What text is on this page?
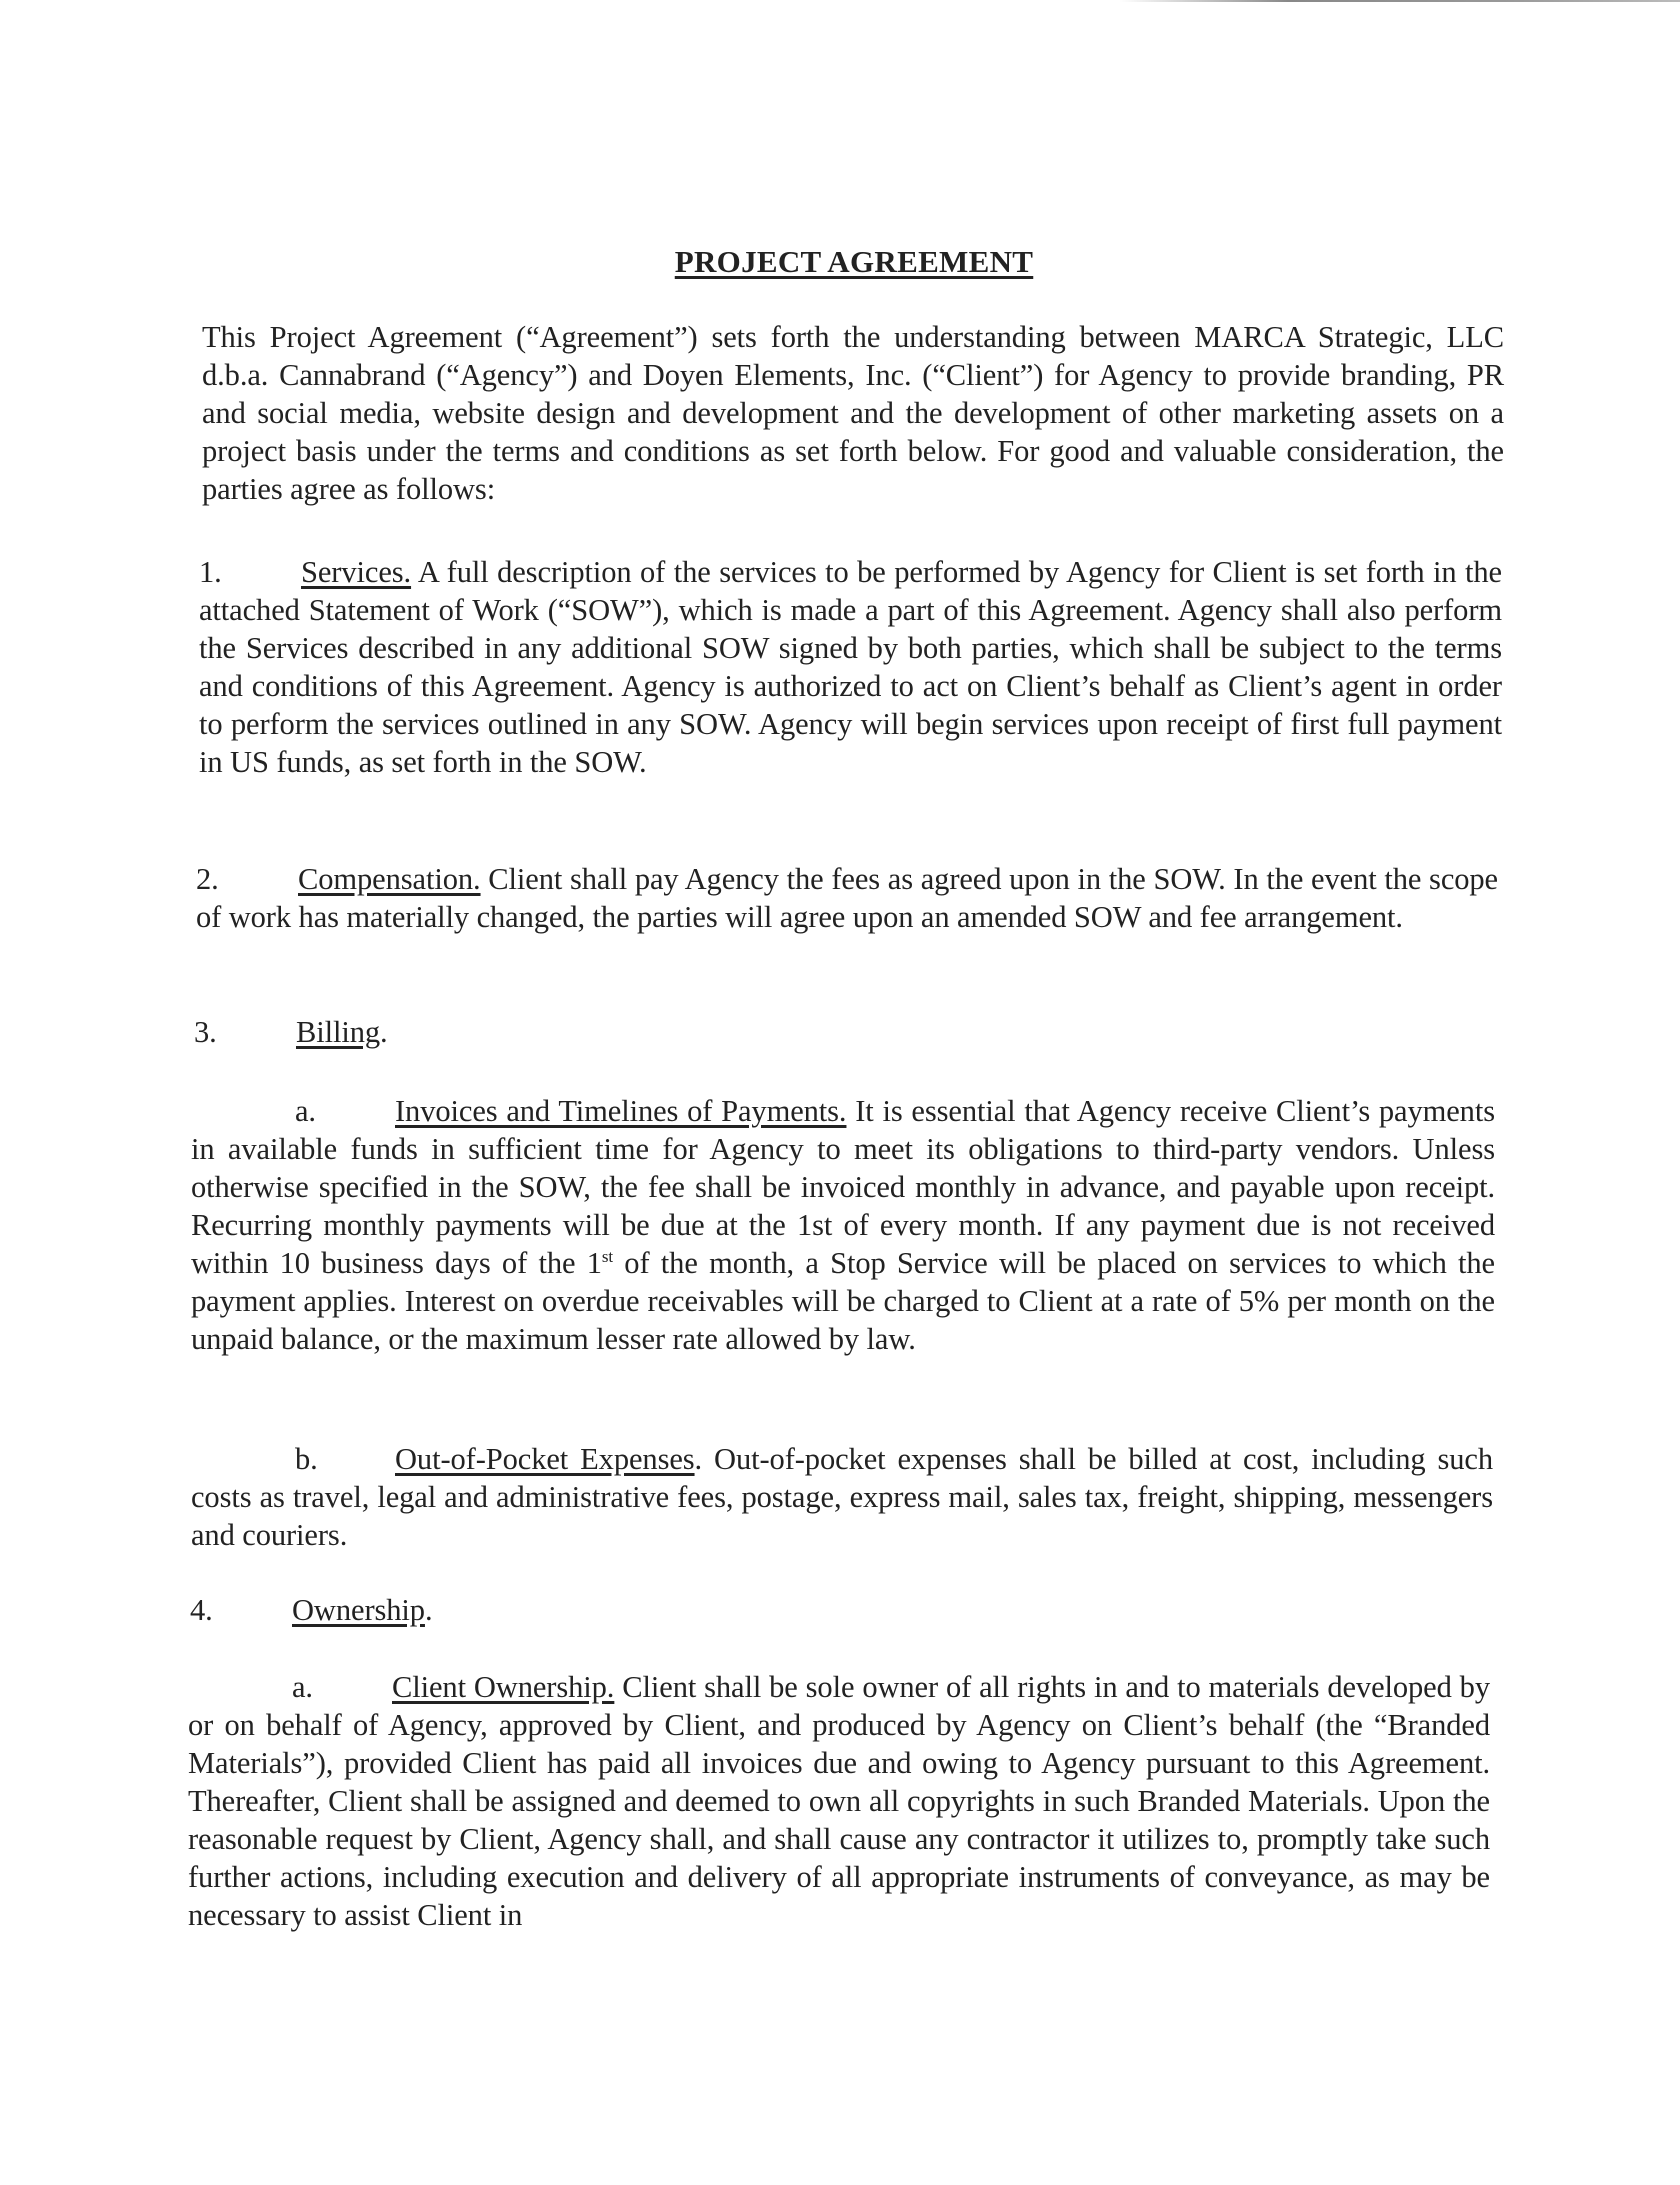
PROJECT AGREEMENT
This Project Agreement (“Agreement”) sets forth the understanding between MARCA Strategic, LLC d.b.a. Cannabrand (“Agency”) and Doyen Elements, Inc. (“Client”) for Agency to provide branding, PR and social media, website design and development and the development of other marketing assets on a project basis under the terms and conditions as set forth below. For good and valuable consideration, the parties agree as follows:
1.	Services. A full description of the services to be performed by Agency for Client is set forth in the attached Statement of Work (“SOW”), which is made a part of this Agreement. Agency shall also perform the Services described in any additional SOW signed by both parties, which shall be subject to the terms and conditions of this Agreement. Agency is authorized to act on Client’s behalf as Client’s agent in order to perform the services outlined in any SOW. Agency will begin services upon receipt of first full payment in US funds, as set forth in the SOW.
2.	Compensation. Client shall pay Agency the fees as agreed upon in the SOW. In the event the scope of work has materially changed, the parties will agree upon an amended SOW and fee arrangement.
3.	Billing.
a.	Invoices and Timelines of Payments. It is essential that Agency receive Client’s payments in available funds in sufficient time for Agency to meet its obligations to third-party vendors. Unless otherwise specified in the SOW, the fee shall be invoiced monthly in advance, and payable upon receipt. Recurring monthly payments will be due at the 1st of every month. If any payment due is not received within 10 business days of the 1st of the month, a Stop Service will be placed on services to which the payment applies. Interest on overdue receivables will be charged to Client at a rate of 5% per month on the unpaid balance, or the maximum lesser rate allowed by law.
b.	Out-of-Pocket Expenses. Out-of-pocket expenses shall be billed at cost, including such costs as travel, legal and administrative fees, postage, express mail, sales tax, freight, shipping, messengers and couriers.
4.	Ownership.
a.	Client Ownership. Client shall be sole owner of all rights in and to materials developed by or on behalf of Agency, approved by Client, and produced by Agency on Client’s behalf (the “Branded Materials”), provided Client has paid all invoices due and owing to Agency pursuant to this Agreement. Thereafter, Client shall be assigned and deemed to own all copyrights in such Branded Materials. Upon the reasonable request by Client, Agency shall, and shall cause any contractor it utilizes to, promptly take such further actions, including execution and delivery of all appropriate instruments of conveyance, as may be necessary to assist Client in
